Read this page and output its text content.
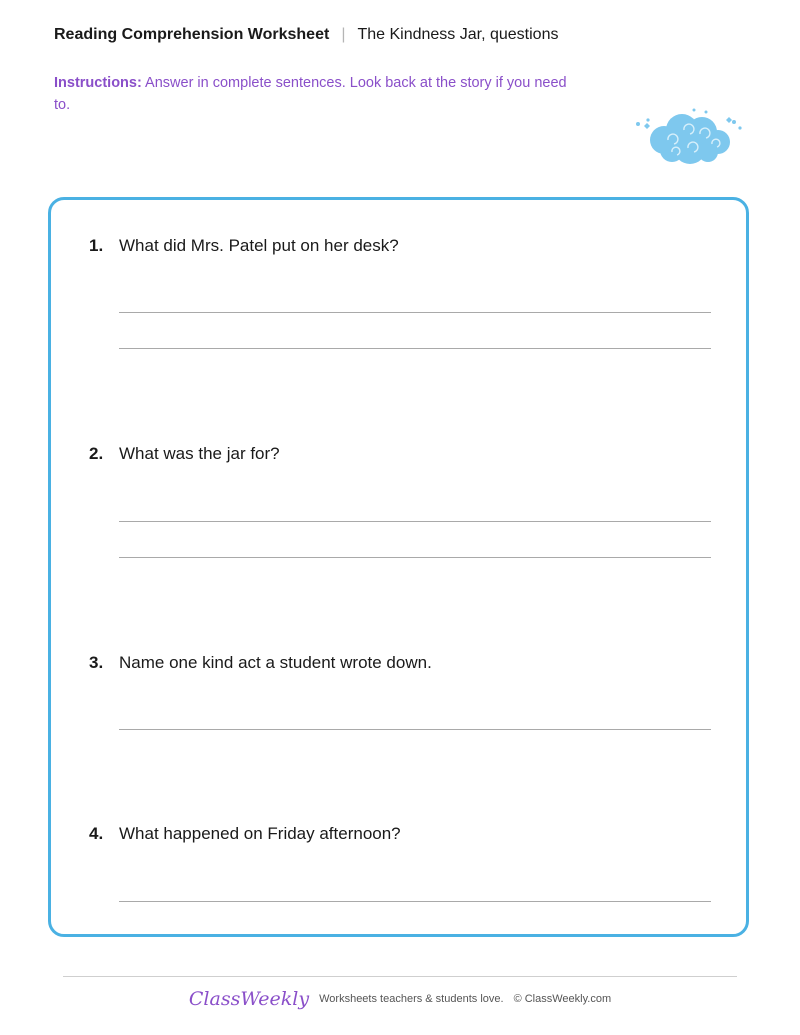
Reading Comprehension Worksheet | The Kindness Jar, questions
Instructions: Answer in complete sentences. Look back at the story if you need to.
1. What did Mrs. Patel put on her desk?
2. What was the jar for?
3. Name one kind act a student wrote down.
4. What happened on Friday afternoon?
ClassWeekly Worksheets teachers & students love. © ClassWeekly.com
